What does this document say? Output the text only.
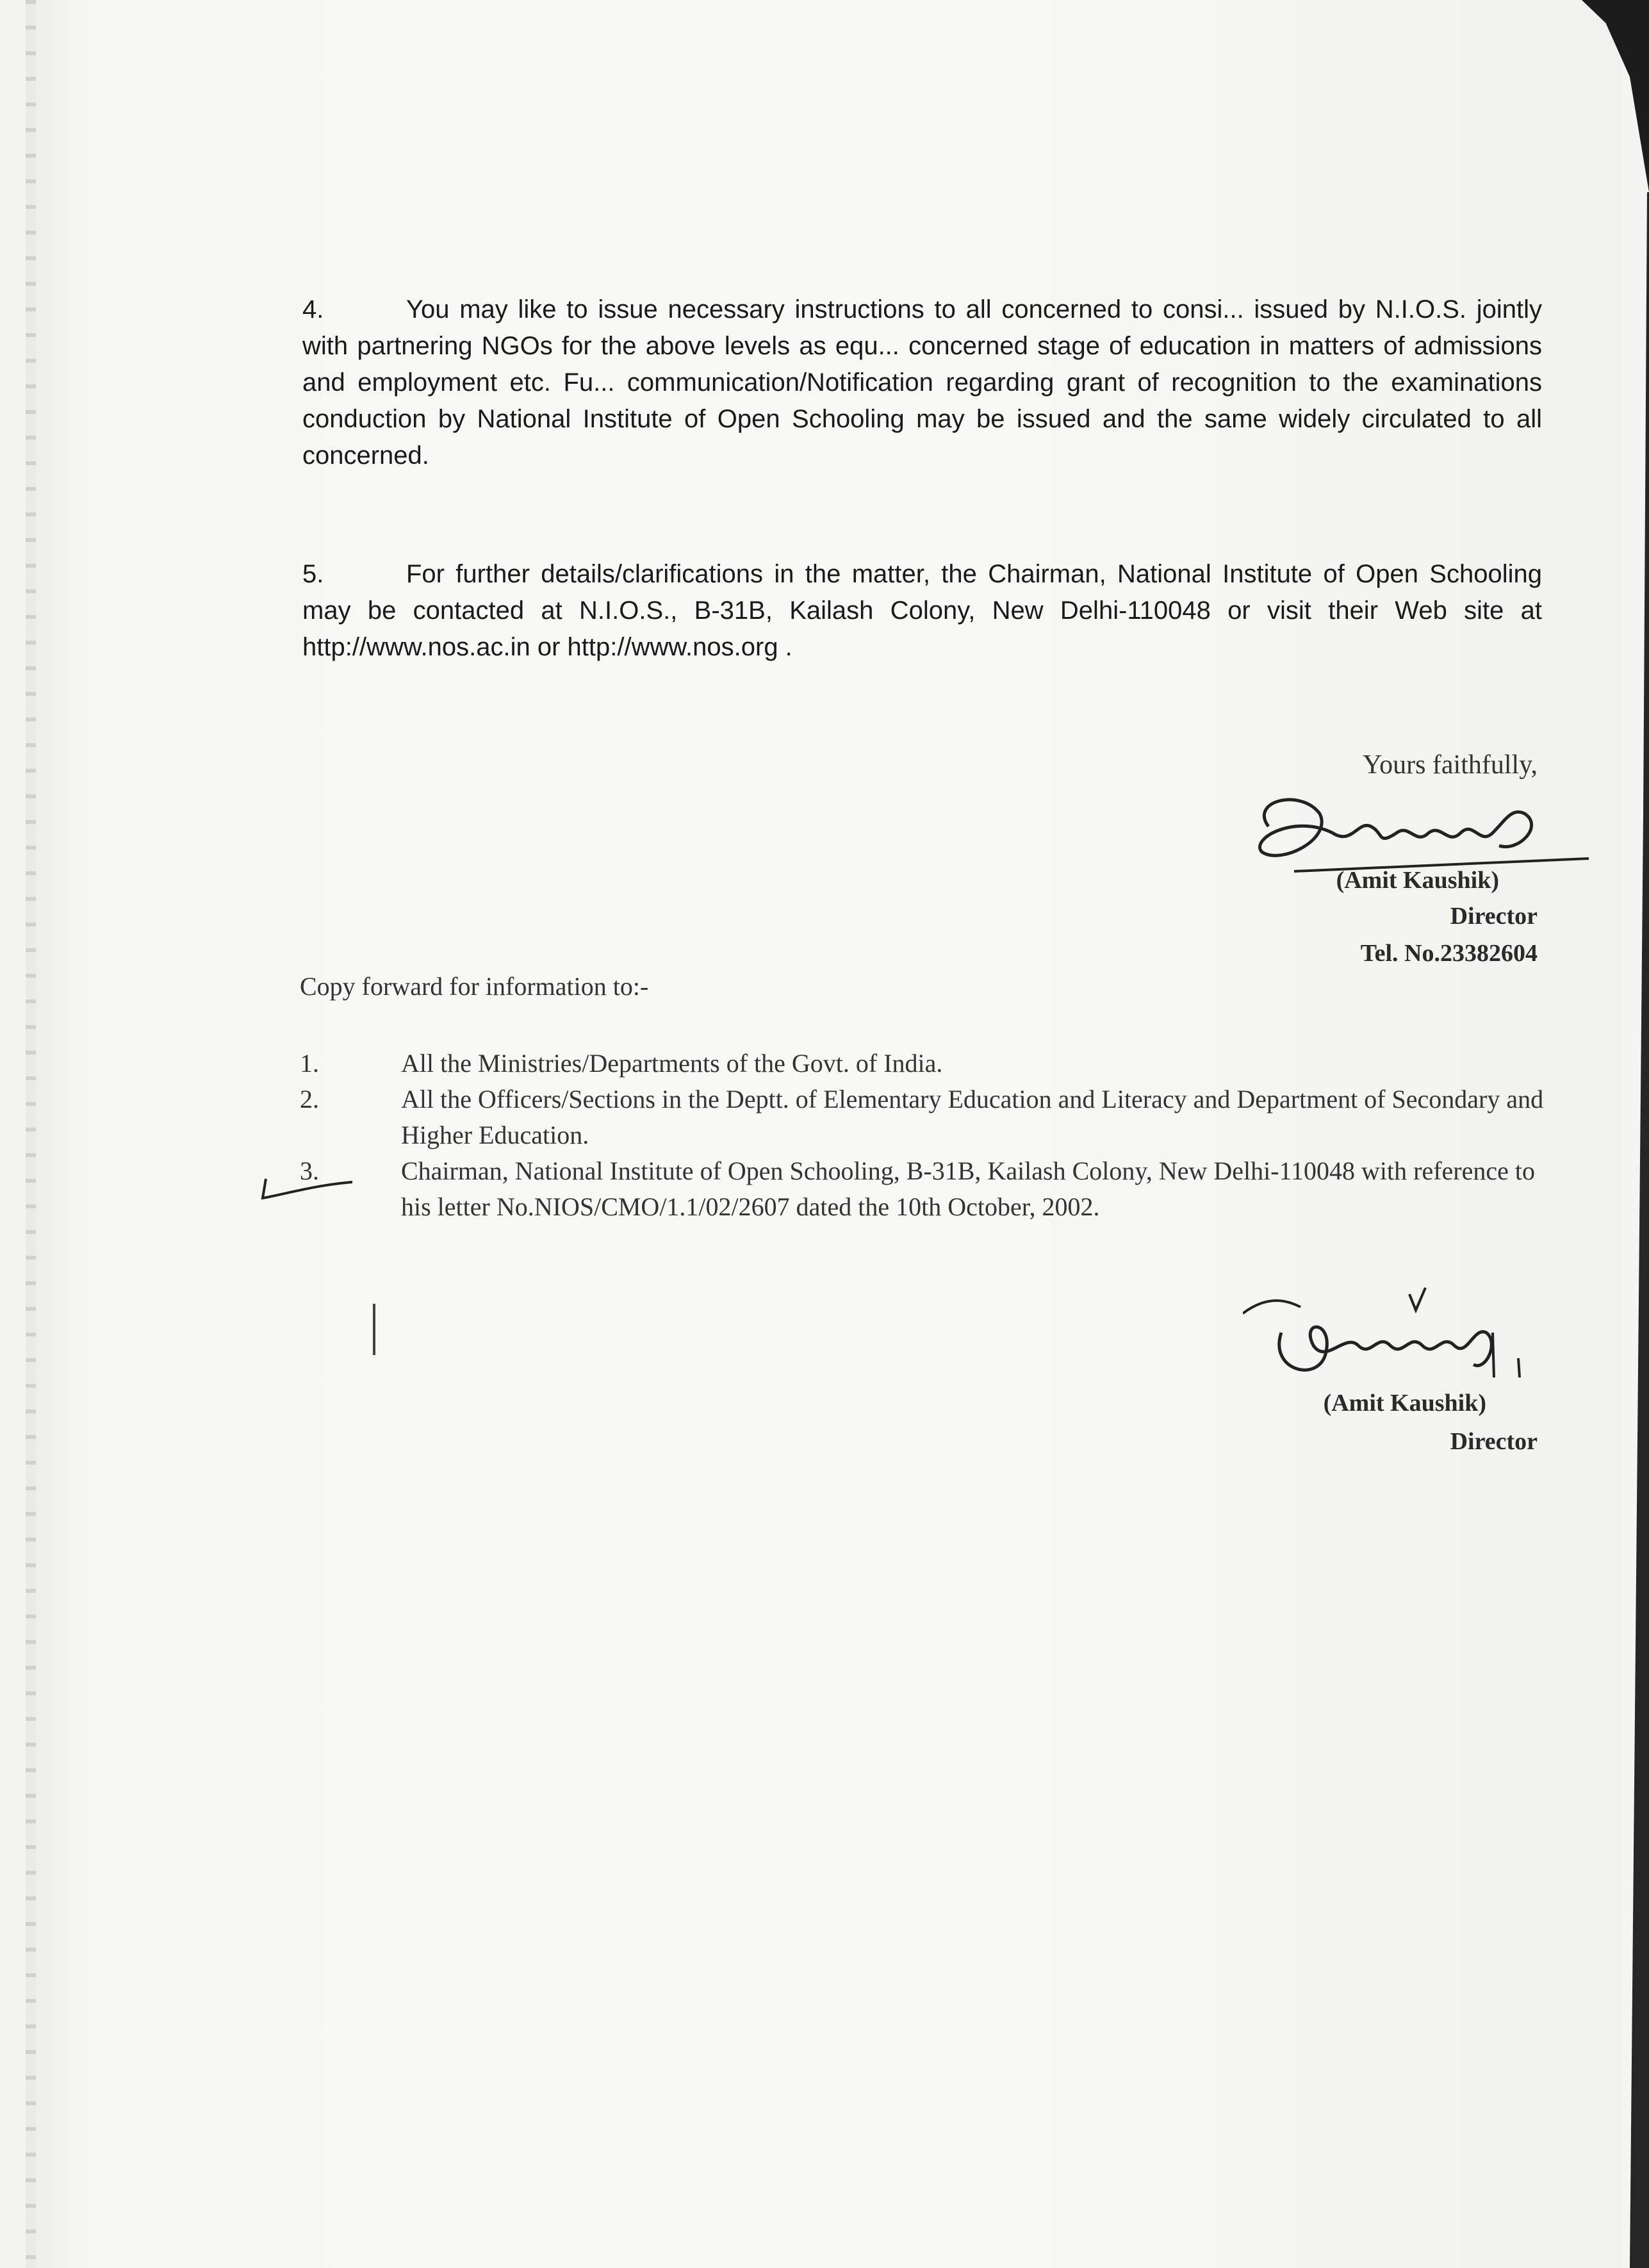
4.	You may like to issue necessary instructions to all concerned to consi... issued by N.I.O.S. jointly with partnering NGOs for the above levels as equ... concerned stage of education in matters of admissions and employment etc. Fu... communication/Notification regarding grant of recognition to the examinations conduction by National Institute of Open Schooling may be issued and the same widely circulated to all concerned.
5.	For further details/clarifications in the matter, the Chairman, National Institute of Open Schooling may be contacted at N.I.O.S., B-31B, Kailash Colony, New Delhi-110048 or visit their Web site at http://www.nos.ac.in or http://www.nos.org .
Yours faithfully,
(Amit Kaushik)
Director
Tel. No.23382604
Copy forward for information to:-
1.	All the Ministries/Departments of the Govt. of India.
2.	All the Officers/Sections in the Deptt. of Elementary Education and Literacy and Department of Secondary and Higher Education.
3.	Chairman, National Institute of Open Schooling, B-31B, Kailash Colony, New Delhi-110048 with reference to his letter No.NIOS/CMO/1.1/02/2607 dated the 10th October, 2002.
(Amit Kaushik)
Director
